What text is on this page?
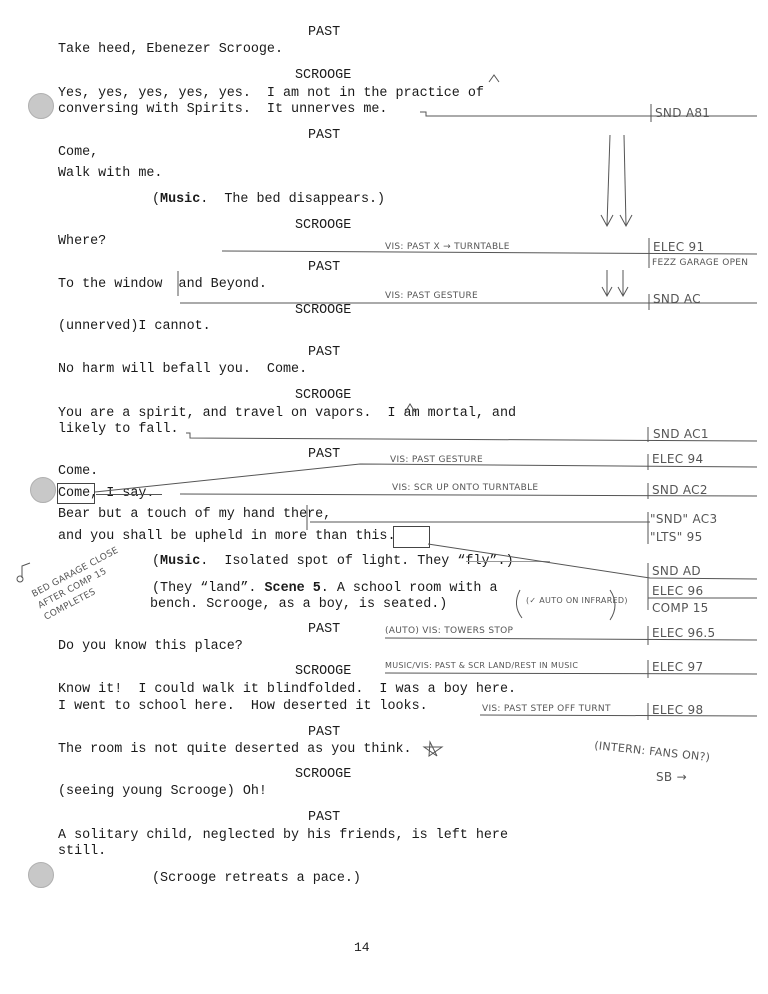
PAST
Take heed, Ebenezer Scrooge.
SCROOGE
Yes, yes, yes, yes, yes.  I am not in the practice of
conversing with Spirits.  It unnerves me.
PAST
Come,
Walk with me.
(Music.  The bed disappears.)
SCROOGE
Where?
PAST
To the window  and Beyond.
SCROOGE
(unnerved)I cannot.
PAST
No harm will befall you.  Come.
SCROOGE
You are a spirit, and travel on vapors.  I am mortal, and
likely to fall.
PAST
Come.
Come, I say.
Bear but a touch of my hand there,
and you shall be upheld in more than this.
(Music.  Isolated spot of light. They “fly”.)
(They “land”. Scene 5. A school room with a
bench. Scrooge, as a boy, is seated.)
PAST
Do you know this place?
SCROOGE
Know it!  I could walk it blindfolded.  I was a boy here.
I went to school here.  How deserted it looks.
PAST
The room is not quite deserted as you think.
SCROOGE
(seeing young Scrooge) Oh!
PAST
A solitary child, neglected by his friends, is left here
still.
(Scrooge retreats a pace.)
14
SND A81
ELEC 91
FEZZ GARAGE OPEN
SND AC
SND AC1
ELEC 94
SND AC2
"SND" AC3
"LTS" 95
SND AD
ELEC 96
COMP 15
ELEC 96.5
ELEC 97
ELEC 98
VIS: PAST X → TURNTABLE
VIS: PAST GESTURE
VIS: PAST GESTURE
VIS: SCR UP ONTO TURNTABLE
(AUTO) VIS: TOWERS STOP
MUSIC/VIS: PAST & SCR LAND/REST IN MUSIC
VIS: PAST STEP OFF TURNT
(✓ AUTO ON INFRARED)
BED GARAGE CLOSE AFTER COMP 15 COMPLETES
(INTERN: FANS ON?)
SB →
